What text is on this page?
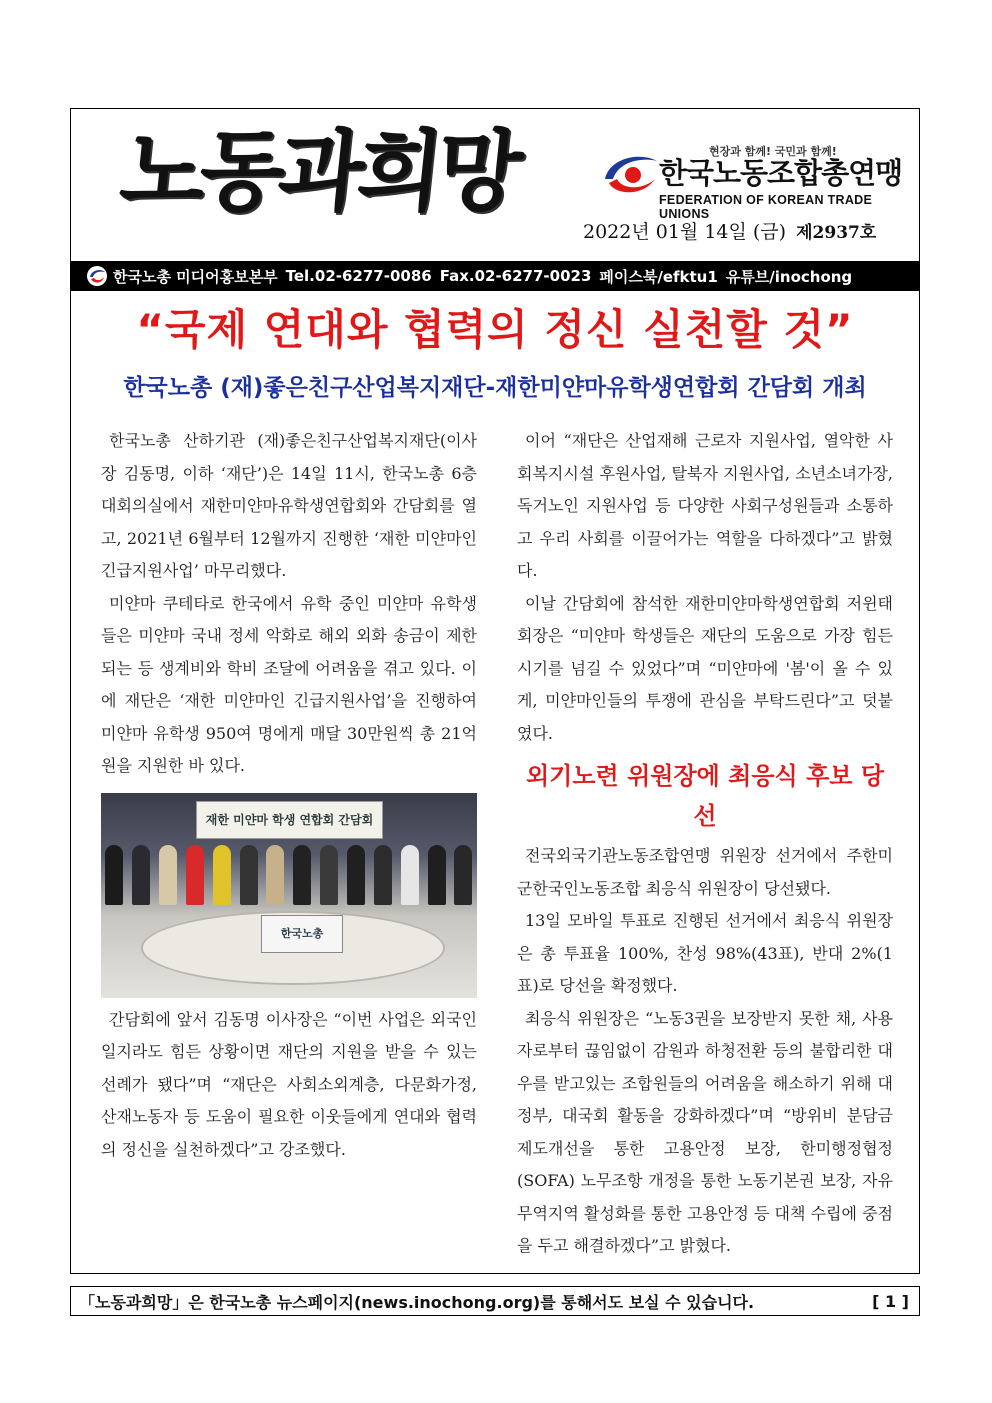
노동과희망	현장과 함께! 국민과 함께!
한국노동조합총연맹
FEDERATION OF KOREAN TRADE UNIONS
2022년 01월 14일 (금) 제2937호
한국노총 미디어홍보본부 Tel.02-6277-0086 Fax.02-6277-0023 페이스북/efktu1 유튜브/inochong
“국제 연대와 협력의 정신 실천할 것”
한국노총 (재)좋은친구산업복지재단-재한미얀마유학생연합회 간담회 개최

한국노총 산하기관 (재)좋은친구산업복지재단(이사장 김동명, 이하 ‘재단’)은 14일 11시, 한국노총 6층 대회의실에서 재한미얀마유학생연합회와 간담회를 열고, 2021년 6월부터 12월까지 진행한 ‘재한 미얀마인 긴급지원사업’ 마무리했다.

미얀마 쿠테타로 한국에서 유학 중인 미얀마 유학생들은 미얀마 국내 정세 악화로 해외 외화 송금이 제한되는 등 생계비와 학비 조달에 어려움을 겪고 있다. 이에 재단은 ‘재한 미얀마인 긴급지원사업’을 진행하여 미얀마 유학생 950여 명에게 매달 30만원씩 총 21억원을 지원한 바 있다.

재한 미얀마 학생 연합회 간담회
한국노총

간담회에 앞서 김동명 이사장은 “이번 사업은 외국인일지라도 힘든 상황이면 재단의 지원을 받을 수 있는 선례가 됐다”며 “재단은 사회소외계층, 다문화가정, 산재노동자 등 도움이 필요한 이웃들에게 연대와 협력의 정신을 실천하겠다”고 강조했다.

이어 “재단은 산업재해 근로자 지원사업, 열악한 사회복지시설 후원사업, 탈북자 지원사업, 소년소녀가장, 독거노인 지원사업 등 다양한 사회구성원들과 소통하고 우리 사회를 이끌어가는 역할을 다하겠다”고 밝혔다.

이날 간담회에 참석한 재한미얀마학생연합회 저윈태 회장은 “미얀마 학생들은 재단의 도움으로 가장 힘든 시기를 넘길 수 있었다”며 “미얀마에 '봄'이 올 수 있게, 미얀마인들의 투쟁에 관심을 부탁드린다”고 덧붙였다.

외기노련 위원장에 최응식 후보 당선

전국외국기관노동조합연맹 위원장 선거에서 주한미군한국인노동조합 최응식 위원장이 당선됐다.

13일 모바일 투표로 진행된 선거에서 최응식 위원장은 총 투표율 100%, 찬성 98%(43표), 반대 2%(1표)로 당선을 확정했다.

최응식 위원장은 “노동3권을 보장받지 못한 채, 사용자로부터 끊임없이 감원과 하청전환 등의 불합리한 대우를 받고있는 조합원들의 어려움을 해소하기 위해 대정부, 대국회 활동을 강화하겠다”며 “방위비 분담금 제도개선을 통한 고용안정 보장, 한미행정협정(SOFA) 노무조항 개정을 통한 노동기본권 보장, 자유무역지역 활성화를 통한 고용안정 등 대책 수립에 중점을 두고 해결하겠다”고 밝혔다.

「노동과희망」은 한국노총 뉴스페이지(news.inochong.org)를 통해서도 보실 수 있습니다.	[ 1 ]
